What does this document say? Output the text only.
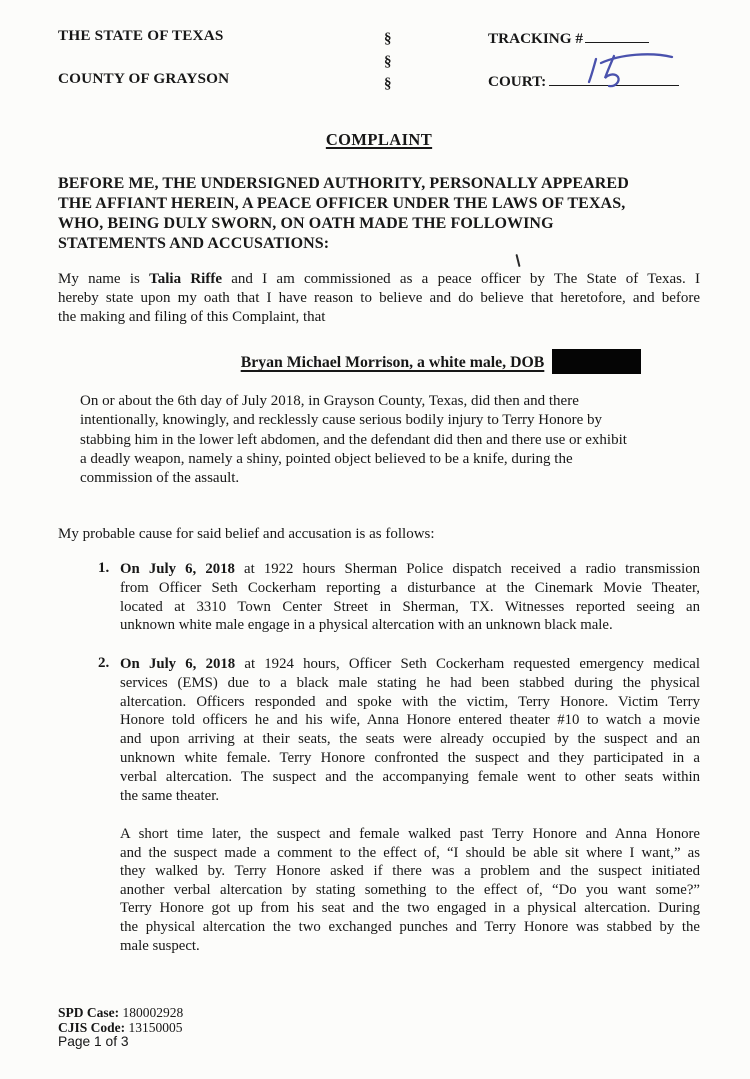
THE STATE OF TEXAS
COUNTY OF GRAYSON
§
§
§
TRACKING #
COURT:
COMPLAINT
BEFORE ME, THE UNDERSIGNED AUTHORITY, PERSONALLY APPEARED
THE AFFIANT HEREIN, A PEACE OFFICER UNDER THE LAWS OF TEXAS,
WHO, BEING DULY SWORN, ON OATH MADE THE FOLLOWING
STATEMENTS AND ACCUSATIONS:
My name is Talia Riffe and I am commissioned as a peace officer by The State of Texas. I
hereby state upon my oath that I have reason to believe and do believe that heretofore, and before
the making and filing of this Complaint, that
Bryan Michael Morrison, a white male, DOB
On or about the 6th day of July 2018, in Grayson County, Texas, did then and there
intentionally, knowingly, and recklessly cause serious bodily injury to Terry Honore by
stabbing him in the lower left abdomen, and the defendant did then and there use or exhibit
a deadly weapon, namely a shiny, pointed object believed to be a knife, during the
commission of the assault.
My probable cause for said belief and accusation is as follows:
1. On July 6, 2018 at 1922 hours Sherman Police dispatch received a radio transmission
from Officer Seth Cockerham reporting a disturbance at the Cinemark Movie Theater,
located at 3310 Town Center Street in Sherman, TX. Witnesses reported seeing an
unknown white male engage in a physical altercation with an unknown black male.
2. On July 6, 2018 at 1924 hours, Officer Seth Cockerham requested emergency medical
services (EMS) due to a black male stating he had been stabbed during the physical
altercation. Officers responded and spoke with the victim, Terry Honore. Victim Terry
Honore told officers he and his wife, Anna Honore entered theater #10 to watch a movie
and upon arriving at their seats, the seats were already occupied by the suspect and an
unknown white female. Terry Honore confronted the suspect and they participated in a
verbal altercation. The suspect and the accompanying female went to other seats within
the same theater.
A short time later, the suspect and female walked past Terry Honore and Anna Honore
and the suspect made a comment to the effect of, “I should be able sit where I want,” as
they walked by. Terry Honore asked if there was a problem and the suspect initiated
another verbal altercation by stating something to the effect of, “Do you want some?”
Terry Honore got up from his seat and the two engaged in a physical altercation. During
the physical altercation the two exchanged punches and Terry Honore was stabbed by the
male suspect.
SPD Case: 180002928
CJIS Code: 13150005
Page 1 of 3
